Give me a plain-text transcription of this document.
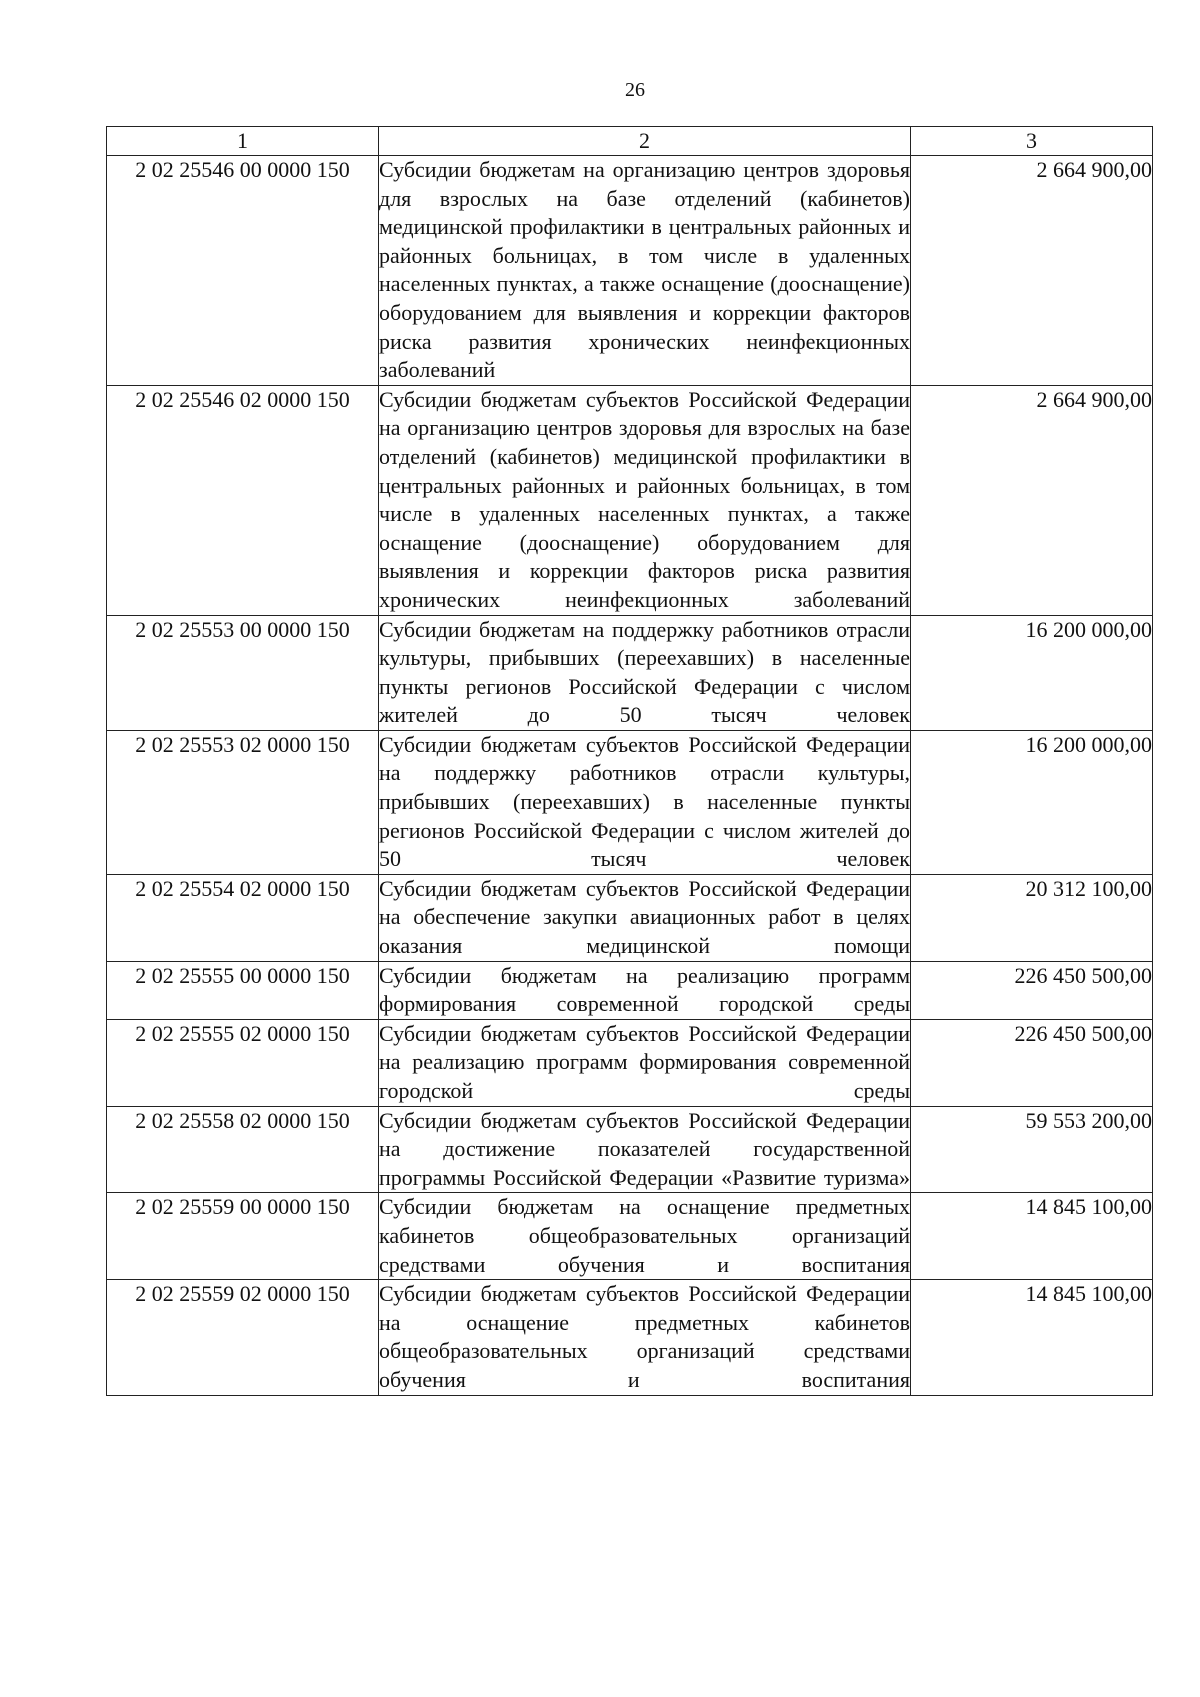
26
1	2	3
2 02 25546 00 0000 150	Субсидии бюджетам на организацию центров здоровья для взрослых на базе отделений (кабинетов) медицинской профилактики в центральных районных и районных больницах, в том числе в удаленных населенных пунктах, а также оснащение (дооснащение) оборудованием для выявления и коррекции факторов риска развития хронических неинфекционных заболеваний	2 664 900,00
2 02 25546 02 0000 150	Субсидии бюджетам субъектов Российской Федерации на организацию центров здоровья для взрослых на базе отделений (кабинетов) медицинской профилактики в центральных районных и районных больницах, в том числе в удаленных населенных пунктах, а также оснащение (дооснащение) оборудованием для выявления и коррекции факторов риска развития хронических неинфекционных заболеваний	2 664 900,00
2 02 25553 00 0000 150	Субсидии бюджетам на поддержку работников отрасли культуры, прибывших (переехавших) в населенные пункты регионов Российской Федерации с числом жителей до 50 тысяч человек	16 200 000,00
2 02 25553 02 0000 150	Субсидии бюджетам субъектов Российской Федерации на поддержку работников отрасли культуры, прибывших (переехавших) в населенные пункты регионов Российской Федерации с числом жителей до 50 тысяч человек	16 200 000,00
2 02 25554 02 0000 150	Субсидии бюджетам субъектов Российской Федерации на обеспечение закупки авиационных работ в целях оказания медицинской помощи	20 312 100,00
2 02 25555 00 0000 150	Субсидии бюджетам на реализацию программ формирования современной городской среды	226 450 500,00
2 02 25555 02 0000 150	Субсидии бюджетам субъектов Российской Федерации на реализацию программ формирования современной городской среды	226 450 500,00
2 02 25558 02 0000 150	Субсидии бюджетам субъектов Российской Федерации на достижение показателей государственной программы Российской Федерации «Развитие туризма»	59 553 200,00
2 02 25559 00 0000 150	Субсидии бюджетам на оснащение предметных кабинетов общеобразовательных организаций средствами обучения и воспитания	14 845 100,00
2 02 25559 02 0000 150	Субсидии бюджетам субъектов Российской Федерации на оснащение предметных кабинетов общеобразовательных организаций средствами обучения и воспитания	14 845 100,00
